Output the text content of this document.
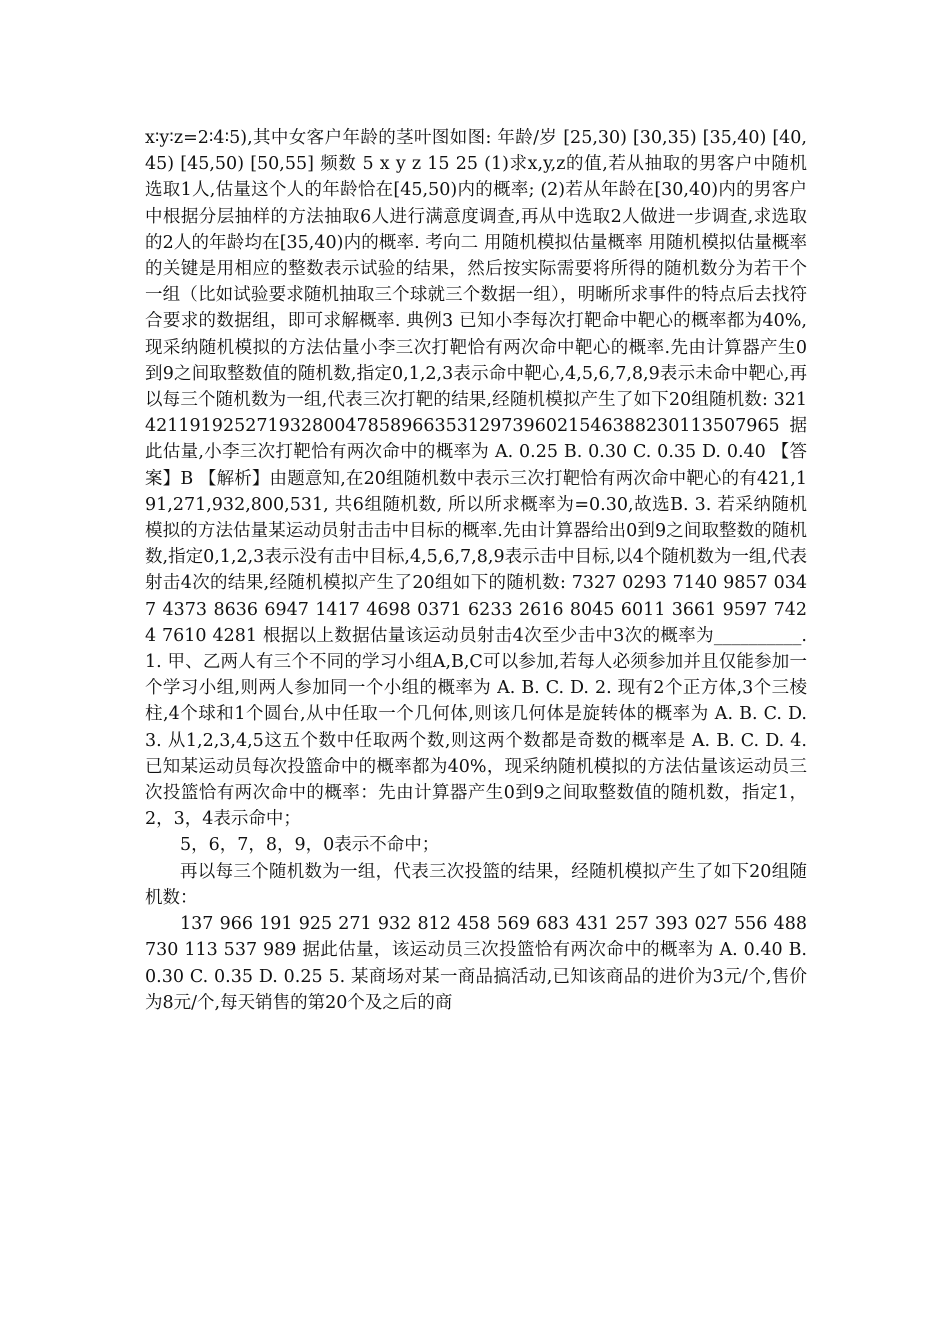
x∶y∶z=2∶4∶5),其中女客户年龄的茎叶图如图: 年龄/岁 [25,30) [30,35) [35,40) [40,45) [45,50) [50,55] 频数 5 x y z 15 25 (1)求x,y,z的值,若从抽取的男客户中随机选取1人,估量这个人的年龄恰在[45,50)内的概率; (2)若从年龄在[30,40)内的男客户中根据分层抽样的方法抽取6人进行满意度调查,再从中选取2人做进一步调查,求选取的2人的年龄均在[35,40)内的概率. 考向二 用随机模拟估量概率 用随机模拟估量概率的关键是用相应的整数表示试验的结果，然后按实际需要将所得的随机数分为若干个一组（比如试验要求随机抽取三个球就三个数据一组），明晰所求事件的特点后去找符合要求的数据组，即可求解概率. 典例3 已知小李每次打靶命中靶心的概率都为40%,现采纳随机模拟的方法估量小李三次打靶恰有两次命中靶心的概率.先由计算器产生0到9之间取整数值的随机数,指定0,1,2,3表示命中靶心,4,5,6,7,8,9表示未命中靶心,再以每三个随机数为一组,代表三次打靶的结果,经随机模拟产生了如下20组随机数: 321421191925271932800478589663531297396021546388230113507965 据此估量,小李三次打靶恰有两次命中的概率为 A. 0.25 B. 0.30 C. 0.35 D. 0.40 【答案】B 【解析】由题意知,在20组随机数中表示三次打靶恰有两次命中靶心的有421,191,271,932,800,531, 共6组随机数, 所以所求概率为=0.30,故选B. 3. 若采纳随机模拟的方法估量某运动员射击击中目标的概率.先由计算器给出0到9之间取整数的随机数,指定0,1,2,3表示没有击中目标,4,5,6,7,8,9表示击中目标,以4个随机数为一组,代表射击4次的结果,经随机模拟产生了20组如下的随机数: 7327 0293 7140 9857 0347 4373 8636 6947 1417 4698 0371 6233 2616 8045 6011 3661 9597 7424 7610 4281 根据以上数据估量该运动员射击4次至少击中3次的概率为__________. 1. 甲、乙两人有三个不同的学习小组A,B,C可以参加,若每人必须参加并且仅能参加一个学习小组,则两人参加同一个小组的概率为 A. B. C. D. 2. 现有2个正方体,3个三棱柱,4个球和1个圆台,从中任取一个几何体,则该几何体是旋转体的概率为 A. B. C. D. 3. 从1,2,3,4,5这五个数中任取两个数,则这两个数都是奇数的概率是 A. B. C. D. 4. 已知某运动员每次投篮命中的概率都为40%，现采纳随机模拟的方法估量该运动员三次投篮恰有两次命中的概率：先由计算器产生0到9之间取整数值的随机数，指定1，2，3，4表示命中；

5，6，7，8，9，0表示不命中；

再以每三个随机数为一组，代表三次投篮的结果，经随机模拟产生了如下20组随机数：

137 966 191 925 271 932 812 458 569 683 431 257 393 027 556 488 730 113 537 989 据此估量，该运动员三次投篮恰有两次命中的概率为 A. 0.40 B. 0.30 C. 0.35 D. 0.25 5. 某商场对某一商品搞活动,已知该商品的进价为3元/个,售价为8元/个,每天销售的第20个及之后的商
